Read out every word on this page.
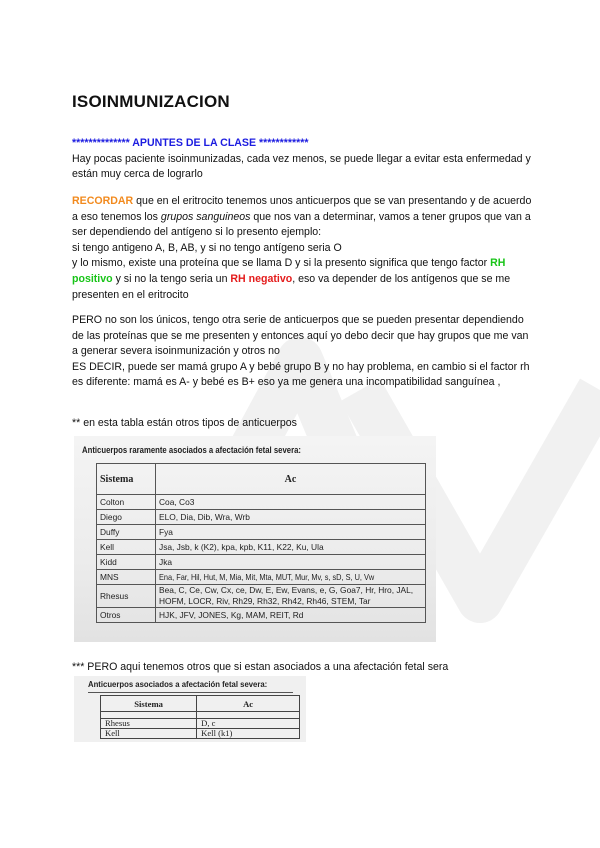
ISOINMUNIZACION

************** APUNTES DE LA CLASE ************
Hay pocas paciente isoinmunizadas, cada vez menos, se puede llegar a evitar esta enfermedad y están muy cerca de lograrlo

RECORDAR que en el eritrocito tenemos unos anticuerpos que se van presentando y de acuerdo a eso tenemos los grupos sanguineos que nos van a determinar, vamos a tener grupos que van a ser dependiendo del antígeno si lo presento ejemplo:
si tengo antigeno A, B, AB, y si no tengo antígeno seria O
y lo mismo, existe una proteína que se llama D y si la presento significa que tengo factor RH positivo y si no la tengo seria un RH negativo, eso va depender de los antígenos que se me presenten en el eritrocito

PERO no son los únicos, tengo otra serie de anticuerpos que se pueden presentar dependiendo de las proteínas que se me presenten y entonces aquí yo debo decir que hay grupos que me van a generar severa isoinmunización y otros no
ES DECIR, puede ser mamá grupo A y bebé grupo B y no hay problema, en cambio si el factor rh es diferente: mamá es A- y bebé es B+ eso ya me genera una incompatibilidad sanguínea ,

** en esta tabla están otros tipos de anticuerpos

Anticuerpos raramente asociados a afectación fetal severa:
Sistema	Ac
Colton	Coa, Co3
Diego	ELO, Dia, Dib, Wra, Wrb
Duffy	Fya
Kell	Jsa, Jsb, k (K2), kpa, kpb, K11, K22, Ku, Ula
Kidd	Jka
MNS	Ena, Far, Hil, Hut, M, Mia, Mit, Mta, MUT, Mur, Mv, s, sD, S, U, Vw
Rhesus	Bea, C, Ce, Cw, Cx, ce, Dw, E, Ew, Evans, e, G, Goa7, Hr, Hro, JAL, HOFM, LOCR, Riv, Rh29, Rh32, Rh42, Rh46, STEM, Tar
Otros	HJK, JFV, JONES, Kg, MAM, REIT, Rd

*** PERO aqui tenemos otros que si estan asociados a una afectación fetal sera

Anticuerpos asociados a afectación fetal severa:
Sistema	Ac

Rhesus	D, c
Kell	Kell (k1)
